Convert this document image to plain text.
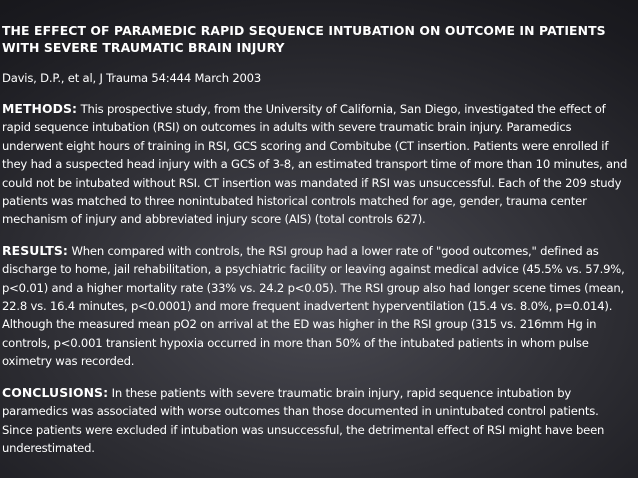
THE EFFECT OF PARAMEDIC RAPID SEQUENCE INTUBATION ON OUTCOME IN PATIENTS WITH SEVERE TRAUMATIC BRAIN INJURY

Davis, D.P., et al, J Trauma 54:444 March 2003

METHODS: This prospective study, from the University of California, San Diego, investigated the effect of rapid sequence intubation (RSI) on outcomes in adults with severe traumatic brain injury. Paramedics underwent eight hours of training in RSI, GCS scoring and Combitube (CT insertion. Patients were enrolled if they had a suspected head injury with a GCS of 3-8, an estimated transport time of more than 10 minutes, and could not be intubated without RSI. CT insertion was mandated if RSI was unsuccessful. Each of the 209 study patients was matched to three nonintubated historical controls matched for age, gender, trauma center mechanism of injury and abbreviated injury score (AIS) (total controls 627).

RESULTS: When compared with controls, the RSI group had a lower rate of "good outcomes," defined as discharge to home, jail rehabilitation, a psychiatric facility or leaving against medical advice (45.5% vs. 57.9%, p<0.01) and a higher mortality rate (33% vs. 24.2 p<0.05). The RSI group also had longer scene times (mean, 22.8 vs. 16.4 minutes, p<0.0001) and more frequent inadvertent hyperventilation (15.4 vs. 8.0%, p=0.014). Although the measured mean pO2 on arrival at the ED was higher in the RSI group (315 vs. 216mm Hg in controls, p<0.001 transient hypoxia occurred in more than 50% of the intubated patients in whom pulse oximetry was recorded.

CONCLUSIONS: In these patients with severe traumatic brain injury, rapid sequence intubation by paramedics was associated with worse outcomes than those documented in unintubated control patients. Since patients were excluded if intubation was unsuccessful, the detrimental effect of RSI might have been underestimated.
